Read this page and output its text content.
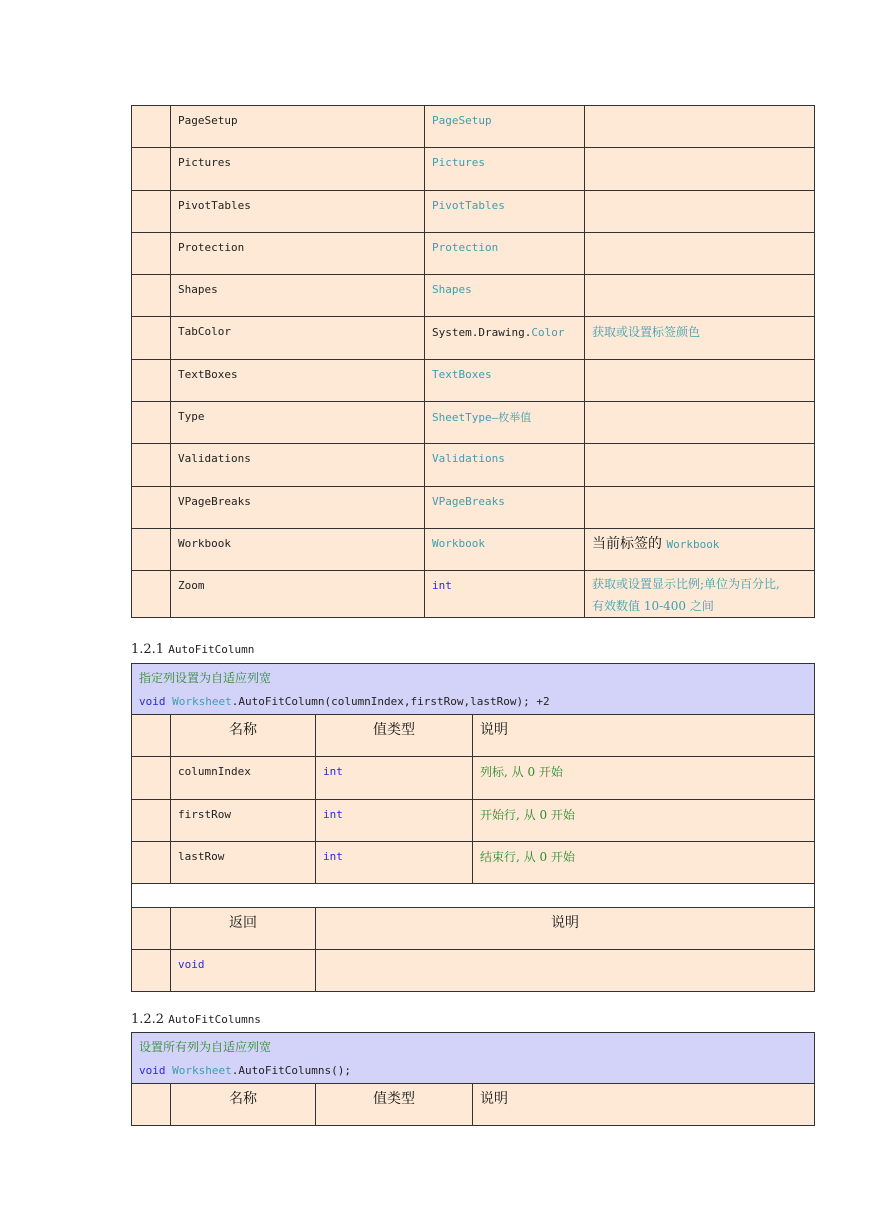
	PageSetup	PageSetup	
	Pictures	Pictures	
	PivotTables	PivotTables	
	Protection	Protection	
	Shapes	Shapes	
	TabColor	System.Drawing.Color	获取或设置标签颜色
	TextBoxes	TextBoxes	
	Type	SheetType—枚举值	
	Validations	Validations	
	VPageBreaks	VPageBreaks	
	Workbook	Workbook	当前标签的 Workbook
	Zoom	int	获取或设置显示比例;单位为百分比,
有效数值 10-400 之间
1.2.1 AutoFitColumn
指定列设置为自适应列宽
void Worksheet.AutoFitColumn(columnIndex,firstRow,lastRow); +2			

	名称	值类型	说明
	columnIndex	int	列标, 从 0 开始
	firstRow	int	开始行, 从 0 开始
	lastRow	int	结束行, 从 0 开始

	返回	说明	
	void		
1.2.2 AutoFitColumns
设置所有列为自适应列宽
void Worksheet.AutoFitColumns();

	名称	值类型	说明
